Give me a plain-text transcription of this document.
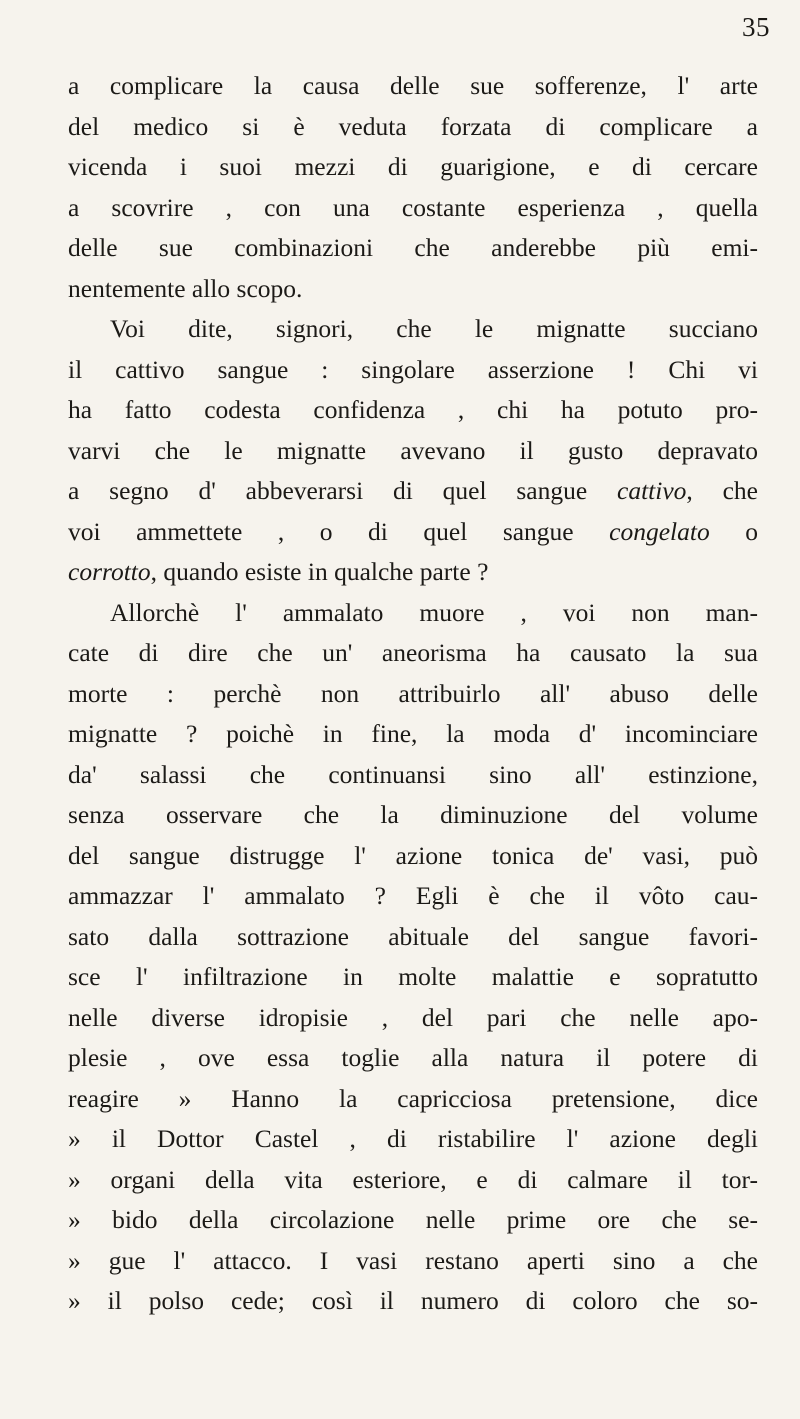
35
a complicare la causa delle sue sofferenze, l' arte
del medico si è veduta forzata di complicare a
vicenda i suoi mezzi di guarigione, e di cercare
a scovrire , con una costante esperienza , quella
delle sue combinazioni che anderebbe più emi-
nentemente allo scopo.
Voi dite, signori, che le mignatte succiano
il cattivo sangue : singolare asserzione ! Chi vi
ha fatto codesta confidenza , chi ha potuto pro-
varvi che le mignatte avevano il gusto depravato
a segno d' abbeverarsi di quel sangue cattivo, che
voi ammettete , o di quel sangue congelato o
corrotto, quando esiste in qualche parte ?
Allorchè l' ammalato muore , voi non man-
cate di dire che un' aneorisma ha causato la sua
morte : perchè non attribuirlo all' abuso delle
mignatte ? poichè in fine, la moda d' incominciare
da' salassi che continuansi sino all' estinzione,
senza osservare che la diminuzione del volume
del sangue distrugge l' azione tonica de' vasi, può
ammazzar l' ammalato ? Egli è che il vôto cau-
sato dalla sottrazione abituale del sangue favori-
sce l' infiltrazione in molte malattie e sopratutto
nelle diverse idropisie , del pari che nelle apo-
plesie , ove essa toglie alla natura il potere di
reagire » Hanno la capricciosa pretensione, dice
» il Dottor Castel , di ristabilire l' azione degli
» organi della vita esteriore, e di calmare il tor-
» bido della circolazione nelle prime ore che se-
» gue l' attacco. I vasi restano aperti sino a che
» il polso cede; così il numero di coloro che so-
